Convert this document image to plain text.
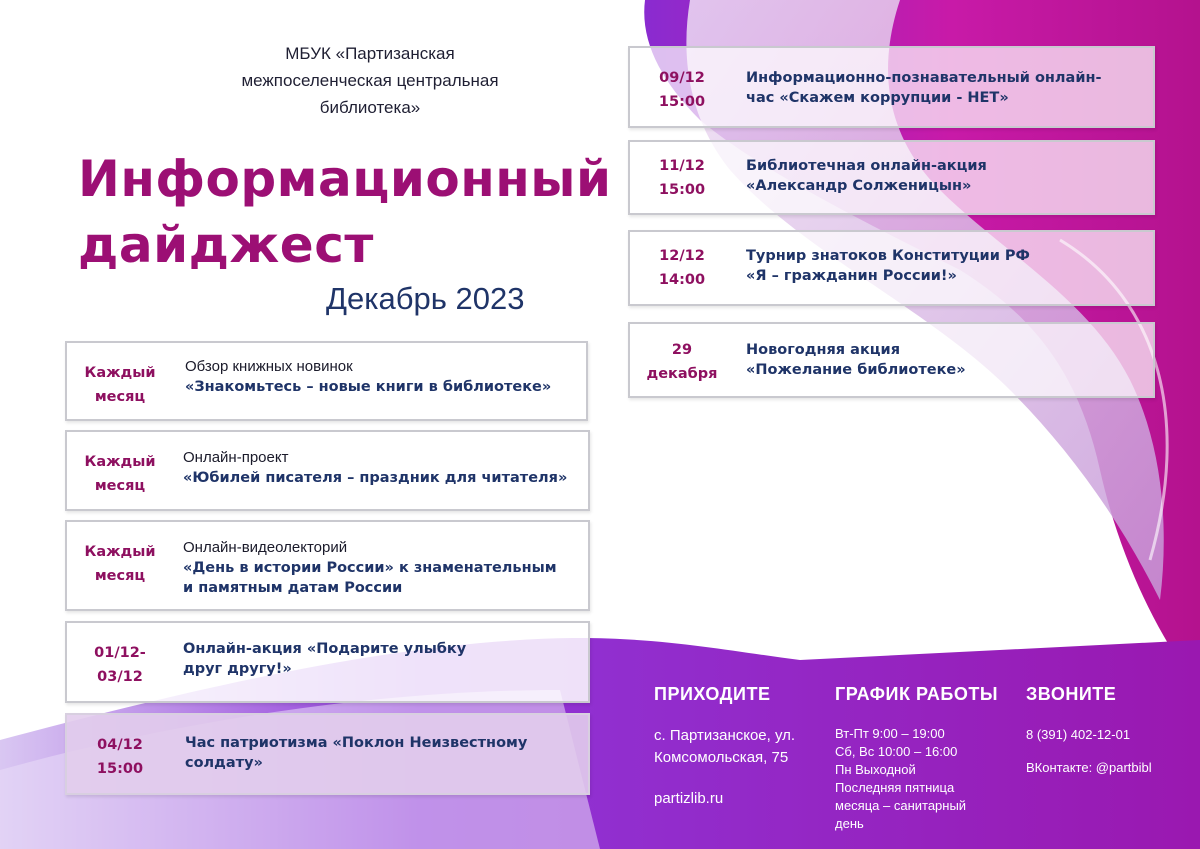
МБУК «Партизанская
межпоселенческая центральная
библиотека»
Информационный
дайджест
Декабрь 2023
Каждый
месяц
Обзор книжных новинок
«Знакомьтесь – новые книги в библиотеке»
Каждый
месяц
Онлайн-проект
«Юбилей писателя – праздник для читателя»
Каждый
месяц
Онлайн-видеолекторий
«День в истории России» к знаменательным
и памятным датам России
01/12-
03/12
Онлайн-акция «Подарите улыбку
друг другу!»
04/12
15:00
Час патриотизма «Поклон Неизвестному
солдату»
09/12
15:00
Информационно-познавательный онлайн-
час «Скажем коррупции - НЕТ»
11/12
15:00
Библиотечная онлайн-акция
«Александр Солженицын»
12/12
14:00
Турнир знатоков Конституции РФ
«Я – гражданин России!»
29
декабря
Новогодняя акция
«Пожелание библиотеке»
ПРИХОДИТЕ
с. Партизанское, ул.
Комсомольская, 75
partizlib.ru
ГРАФИК РАБОТЫ
Вт-Пт 9:00 – 19:00
Сб, Вс 10:00 – 16:00
Пн Выходной
Последняя пятница
месяца – санитарный
день
ЗВОНИТЕ
8 (391) 402-12-01
ВКонтакте: @partbibl
